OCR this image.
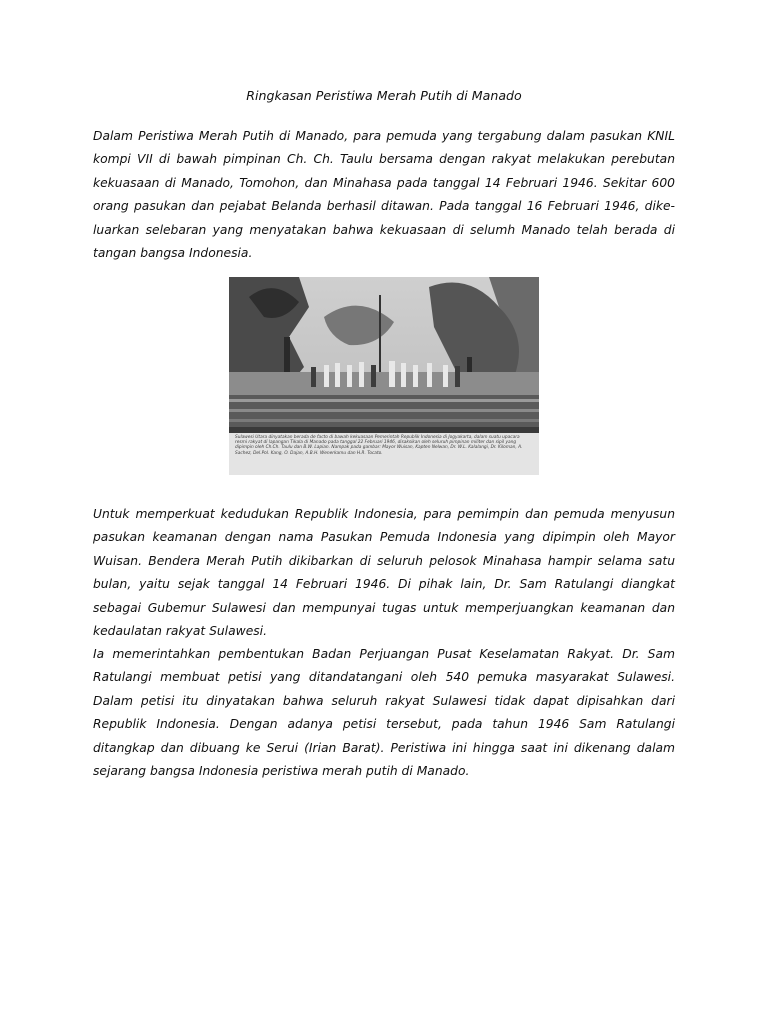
Ringkasan Peristiwa Merah Putih di Manado

Dalam Peristiwa Merah Putih di Manado, para pemuda yang tergabung dalam pasukan KNIL kompi VII di bawah pimpinan Ch. Ch. Taulu bersama dengan rakyat melakukan perebutan kekuasaan di Manado, Tomohon, dan Minahasa pada tanggal 14 Februari 1946. Sekitar 600 orang pasukan dan pejabat Belanda berhasil ditawan. Pada tanggal 16 Februari 1946, dike-luarkan selebaran yang menyatakan bahwa kekuasaan di selumh Manado telah berada di tangan bangsa Indonesia.

Sulawesi Utara dinyatakan berada de facto di bawah kekuasaan Pemerintah Republik Indonesia di Jogyakarta, dalam suatu upacara resmi rakyat di lapangan Tikala di Manado pada tanggal 22 Februari 1946, disaksikan oleh seluruh pimpinan militer dan sipil yang dipimpin oleh Ch.Ch. Taulu dan B.W. Lapian. Nampak pada gambar: Mayor Wuisan, Kapten Nelwan, Dr. W.L. Kalalangi, Dr. Kiloman, A. Sachez, Del.Pol. Kang, O. Dajan, A.B.H. Wenerkamu dan H.R. Tocato.

Untuk memperkuat kedudukan Republik Indonesia, para pemimpin dan pemuda menyusun pasukan keamanan dengan nama Pasukan Pemuda Indonesia yang dipimpin oleh Mayor Wuisan. Bendera Merah Putih dikibarkan di seluruh pelosok Minahasa hampir selama satu bulan, yaitu sejak tanggal 14 Februari 1946. Di pihak lain, Dr. Sam Ratulangi diangkat sebagai Gubemur Sulawesi dan mempunyai tugas untuk memperjuangkan keamanan dan kedaulatan rakyat Sulawesi.

Ia memerintahkan pembentukan Badan Perjuangan Pusat Keselamatan Rakyat. Dr. Sam Ratulangi membuat petisi yang ditandatangani oleh 540 pemuka masyarakat Sulawesi. Dalam petisi itu dinyatakan bahwa seluruh rakyat Sulawesi tidak dapat dipisahkan dari Republik Indonesia. Dengan adanya petisi tersebut, pada tahun 1946 Sam Ratulangi ditangkap dan dibuang ke Serui (Irian Barat). Peristiwa ini hingga saat ini dikenang dalam sejarang bangsa Indonesia peristiwa merah putih di Manado.
